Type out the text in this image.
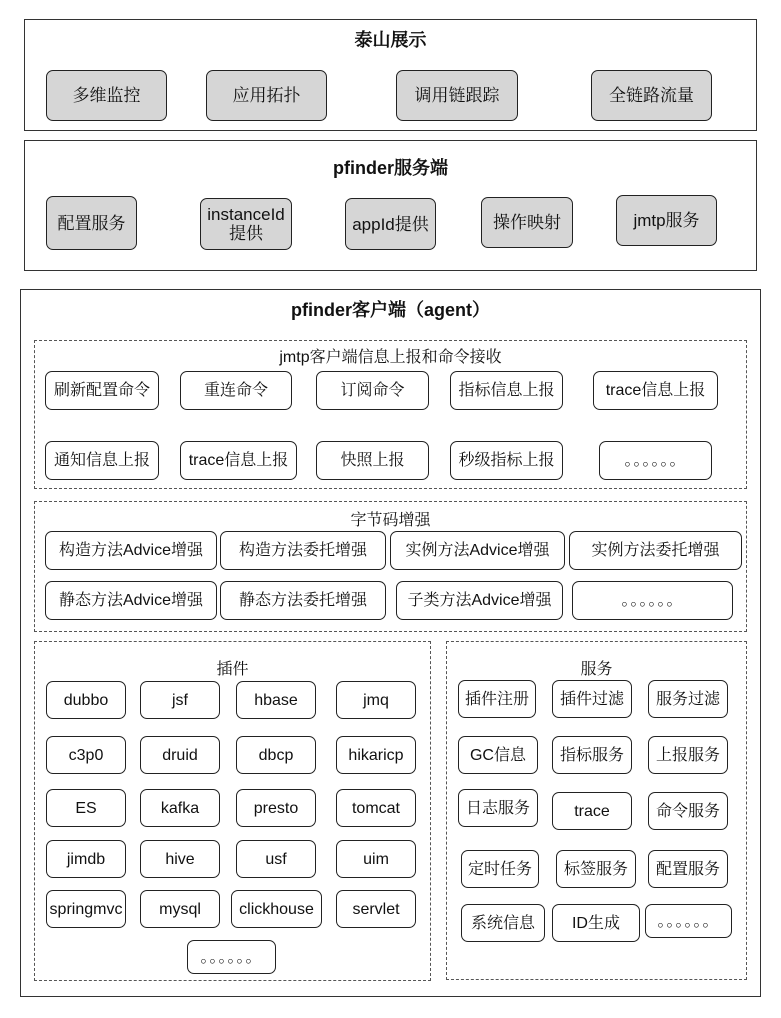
泰山展示
多维监控	应用拓扑	调用链跟踪	全链路流量
pfinder服务端
配置服务	instanceId 提供	appId提供	操作映射	jmtp服务
pfinder客户端（agent）
jmtp客户端信息上报和命令接收
刷新配置命令	重连命令	订阅命令	指标信息上报	trace信息上报
通知信息上报	trace信息上报	快照上报	秒级指标上报	。。。。。。
字节码增强
构造方法Advice增强	构造方法委托增强	实例方法Advice增强	实例方法委托增强
静态方法Advice增强	静态方法委托增强	子类方法Advice增强	。。。。。。
插件
dubbo	jsf	hbase	jmq
c3p0	druid	dbcp	hikaricp
ES	kafka	presto	tomcat
jimdb	hive	usf	uim
springmvc	mysql	clickhouse	servlet
。。。。。。
服务
插件注册	插件过滤	服务过滤
GC信息	指标服务	上报服务
日志服务	trace	命令服务
定时任务	标签服务	配置服务
系统信息	ID生成	。。。。。。
